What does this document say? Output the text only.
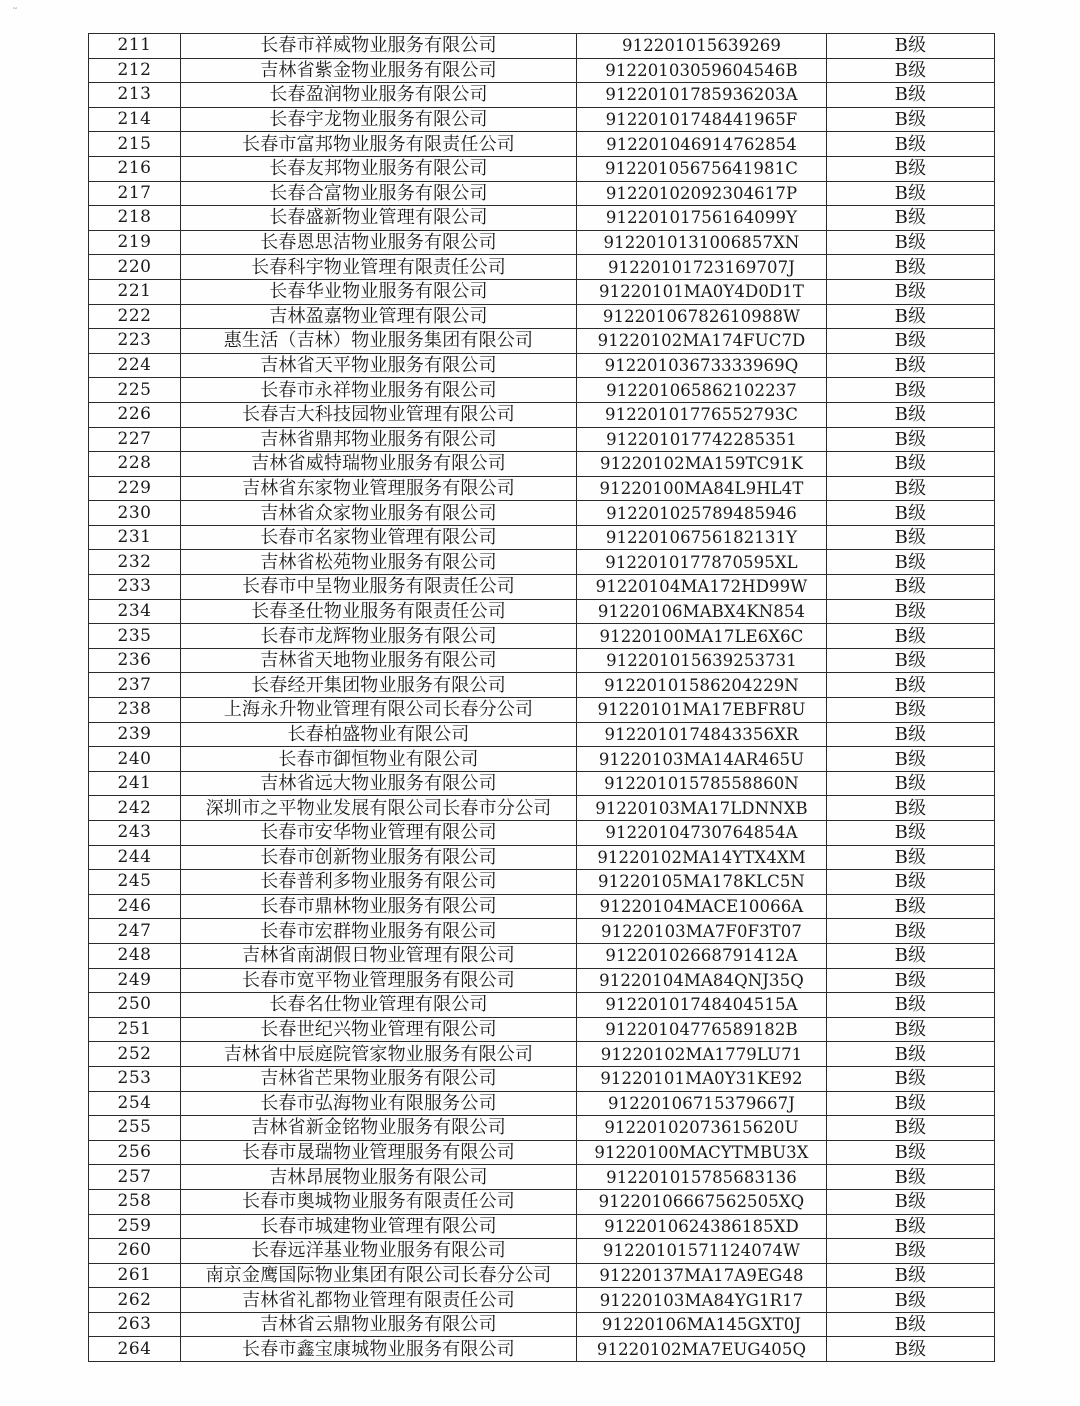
˜
211	长春市祥威物业服务有限公司	912201015639269	B级
212	吉林省紫金物业服务有限公司	91220103059604546B	B级
213	长春盈润物业服务有限公司	91220101785936203A	B级
214	长春宇龙物业服务有限公司	91220101748441965F	B级
215	长春市富邦物业服务有限责任公司	912201046914762854	B级
216	长春友邦物业服务有限公司	91220105675641981C	B级
217	长春合富物业服务有限公司	91220102092304617P	B级
218	长春盛新物业管理有限公司	91220101756164099Y	B级
219	长春恩思洁物业服务有限公司	9122010131006857XN	B级
220	长春科宇物业管理有限责任公司	91220101723169707J	B级
221	长春华业物业服务有限公司	91220101MA0Y4D0D1T	B级
222	吉林盈嘉物业管理有限公司	91220106782610988W	B级
223	惠生活（吉林）物业服务集团有限公司	91220102MA174FUC7D	B级
224	吉林省天平物业服务有限公司	91220103673333969Q	B级
225	长春市永祥物业服务有限公司	912201065862102237	B级
226	长春吉大科技园物业管理有限公司	91220101776552793C	B级
227	吉林省鼎邦物业服务有限公司	912201017742285351	B级
228	吉林省威特瑞物业服务有限公司	91220102MA159TC91K	B级
229	吉林省东家物业管理服务有限公司	91220100MA84L9HL4T	B级
230	吉林省众家物业服务有限公司	912201025789485946	B级
231	长春市名家物业管理有限公司	91220106756182131Y	B级
232	吉林省松苑物业服务有限公司	9122010177870595XL	B级
233	长春市中呈物业服务有限责任公司	91220104MA172HD99W	B级
234	长春圣仕物业服务有限责任公司	91220106MABX4KN854	B级
235	长春市龙辉物业服务有限公司	91220100MA17LE6X6C	B级
236	吉林省天地物业服务有限公司	912201015639253731	B级
237	长春经开集团物业服务有限公司	91220101586204229N	B级
238	上海永升物业管理有限公司长春分公司	91220101MA17EBFR8U	B级
239	长春柏盛物业有限公司	9122010174843356XR	B级
240	长春市御恒物业有限公司	91220103MA14AR465U	B级
241	吉林省远大物业服务有限公司	91220101578558860N	B级
242	深圳市之平物业发展有限公司长春市分公司	91220103MA17LDNNXB	B级
243	长春市安华物业管理有限公司	91220104730764854A	B级
244	长春市创新物业服务有限公司	91220102MA14YTX4XM	B级
245	长春普利多物业服务有限公司	91220105MA178KLC5N	B级
246	长春市鼎林物业服务有限公司	91220104MACE10066A	B级
247	长春市宏群物业服务有限公司	91220103MA7F0F3T07	B级
248	吉林省南湖假日物业管理有限公司	91220102668791412A	B级
249	长春市宽平物业管理服务有限公司	91220104MA84QNJ35Q	B级
250	长春名仕物业管理有限公司	91220101748404515A	B级
251	长春世纪兴物业管理有限公司	91220104776589182B	B级
252	吉林省中辰庭院管家物业服务有限公司	91220102MA1779LU71	B级
253	吉林省芒果物业服务有限公司	91220101MA0Y31KE92	B级
254	长春市弘海物业有限服务公司	91220106715379667J	B级
255	吉林省新金铭物业服务有限公司	91220102073615620U	B级
256	长春市晟瑞物业管理服务有限公司	91220100MACYTMBU3X	B级
257	吉林昂展物业服务有限公司	912201015785683136	B级
258	长春市奥城物业服务有限责任公司	91220106667562505XQ	B级
259	长春市城建物业管理有限公司	9122010624386185XD	B级
260	长春远洋基业物业服务有限公司	91220101571124074W	B级
261	南京金鹰国际物业集团有限公司长春分公司	91220137MA17A9EG48	B级
262	吉林省礼都物业管理有限责任公司	91220103MA84YG1R17	B级
263	吉林省云鼎物业服务有限公司	91220106MA145GXT0J	B级
264	长春市鑫宝康城物业服务有限公司	91220102MA7EUG405Q	B级
